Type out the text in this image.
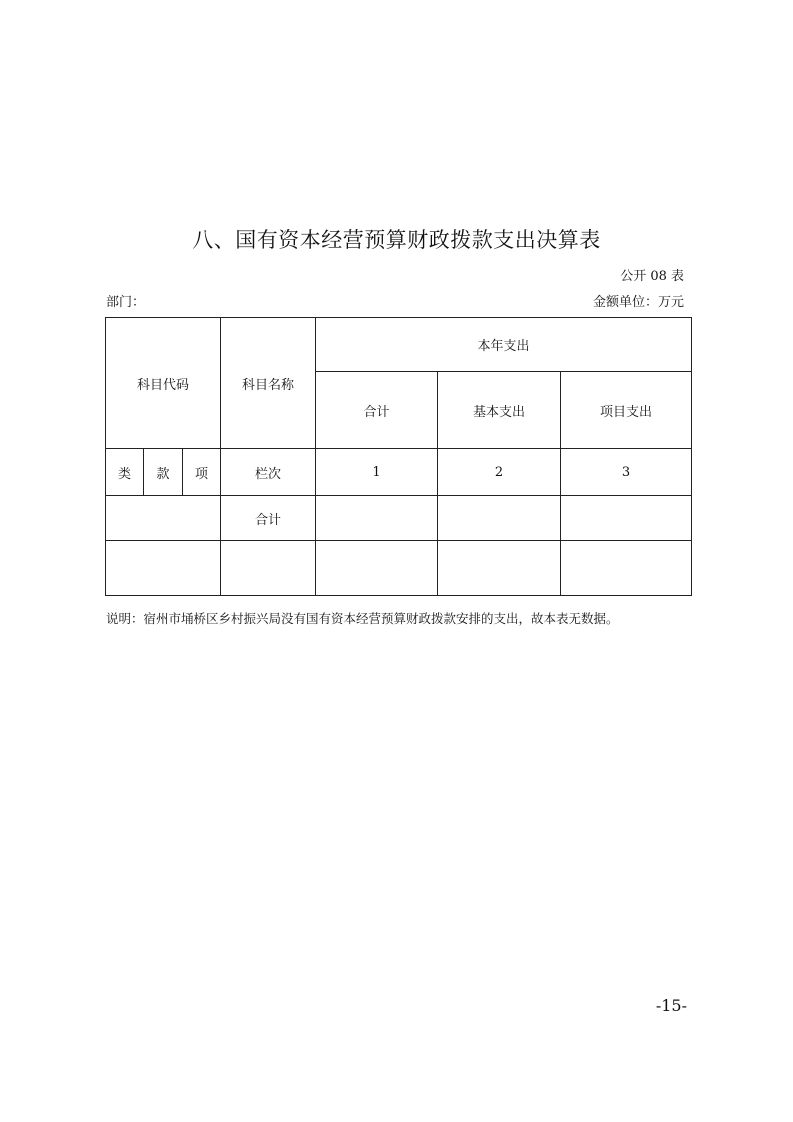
八、国有资本经营预算财政拨款支出决算表
公开 08 表
部门：	金额单位：万元
科目代码			科目名称	本年支出		
				合计	基本支出	项目支出
类	款	项	栏次	1	2	3
			合计			

说明：宿州市埇桥区乡村振兴局没有国有资本经营预算财政拨款安排的支出，故本表无数据。
-15-
